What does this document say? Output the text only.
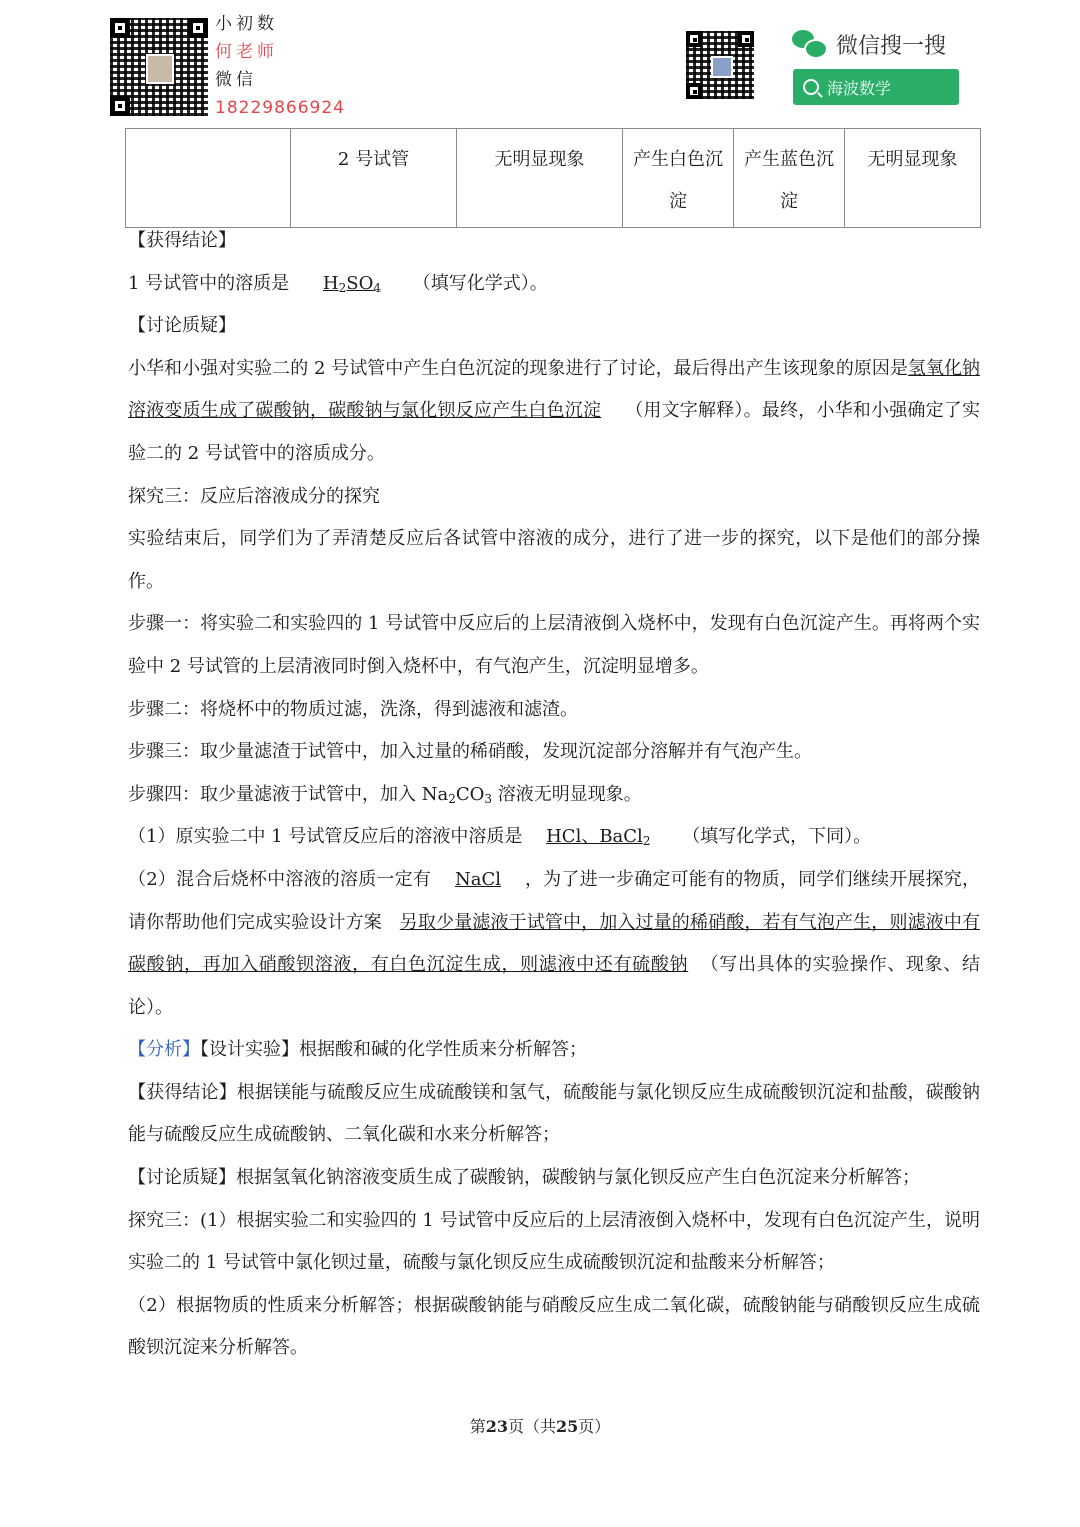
小初数
何老师
微信
18229866924
微信搜一搜
海波数学
	2 号试管	无明显现象	产生白色沉淀	产生蓝色沉淀	无明显现象

【获得结论】

1 号试管中的溶质是 $H_2SO_4$ （填写化学式）。

【讨论质疑】

小华和小强对实验二的 2 号试管中产生白色沉淀的现象进行了讨论，最后得出产生该现象的原因是氢氧化钠溶液变质生成了碳酸钠，碳酸钠与氯化钡反应产生白色沉淀 （用文字解释）。最终，小华和小强确定了实验二的 2 号试管中的溶质成分。

探究三：反应后溶液成分的探究

实验结束后，同学们为了弄清楚反应后各试管中溶液的成分，进行了进一步的探究，以下是他们的部分操作。

步骤一：将实验二和实验四的 1 号试管中反应后的上层清液倒入烧杯中，发现有白色沉淀产生。再将两个实验中 2 号试管的上层清液同时倒入烧杯中，有气泡产生，沉淀明显增多。

步骤二：将烧杯中的物质过滤，洗涤，得到滤液和滤渣。

步骤三：取少量滤渣于试管中，加入过量的稀硝酸，发现沉淀部分溶解并有气泡产生。

步骤四：取少量滤液于试管中，加入 $Na_2CO_3$ 溶液无明显现象。

（1）原实验二中 1 号试管反应后的溶液中溶质是 HCl、BaCl$_2$ （填写化学式，下同）。

（2）混合后烧杯中溶液的溶质一定有 NaCl ，为了进一步确定可能有的物质，同学们继续开展探究，请你帮助他们完成实验设计方案 另取少量滤液于试管中，加入过量的稀硝酸，若有气泡产生，则滤液中有碳酸钠，再加入硝酸钡溶液，有白色沉淀生成，则滤液中还有硫酸钠 （写出具体的实验操作、现象、结论）。

【分析】【设计实验】根据酸和碱的化学性质来分析解答；

【获得结论】根据镁能与硫酸反应生成硫酸镁和氢气，硫酸能与氯化钡反应生成硫酸钡沉淀和盐酸，碳酸钠能与硫酸反应生成硫酸钠、二氧化碳和水来分析解答；

【讨论质疑】根据氢氧化钠溶液变质生成了碳酸钠，碳酸钠与氯化钡反应产生白色沉淀来分析解答；

探究三：(1）根据实验二和实验四的 1 号试管中反应后的上层清液倒入烧杯中，发现有白色沉淀产生，说明实验二的 1 号试管中氯化钡过量，硫酸与氯化钡反应生成硫酸钡沉淀和盐酸来分析解答；

（2）根据物质的性质来分析解答；根据碳酸钠能与硝酸反应生成二氧化碳，硫酸钠能与硝酸钡反应生成硫酸钡沉淀来分析解答。

第23页（共25页）
